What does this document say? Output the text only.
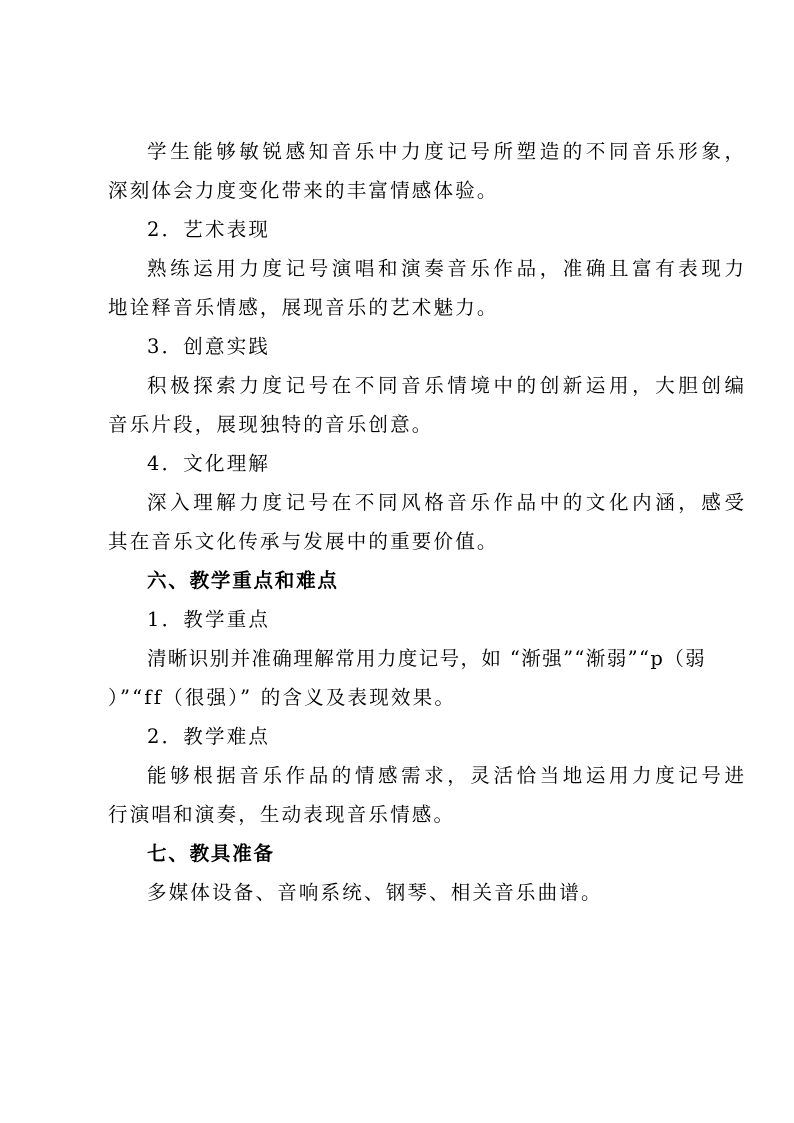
学生能够敏锐感知音乐中力度记号所塑造的不同音乐形象，
深刻体会力度变化带来的丰富情感体验。
2．艺术表现
熟练运用力度记号演唱和演奏音乐作品，准确且富有表现力
地诠释音乐情感，展现音乐的艺术魅力。
3．创意实践
积极探索力度记号在不同音乐情境中的创新运用，大胆创编
音乐片段，展现独特的音乐创意。
4．文化理解
深入理解力度记号在不同风格音乐作品中的文化内涵，感受
其在音乐文化传承与发展中的重要价值。
六、教学重点和难点
1．教学重点
清晰识别并准确理解常用力度记号，如 “渐强”“渐弱”“p（弱
）”“ff（很强）” 的含义及表现效果。
2．教学难点
能够根据音乐作品的情感需求，灵活恰当地运用力度记号进
行演唱和演奏，生动表现音乐情感。
七、教具准备
多媒体设备、音响系统、钢琴、相关音乐曲谱。
